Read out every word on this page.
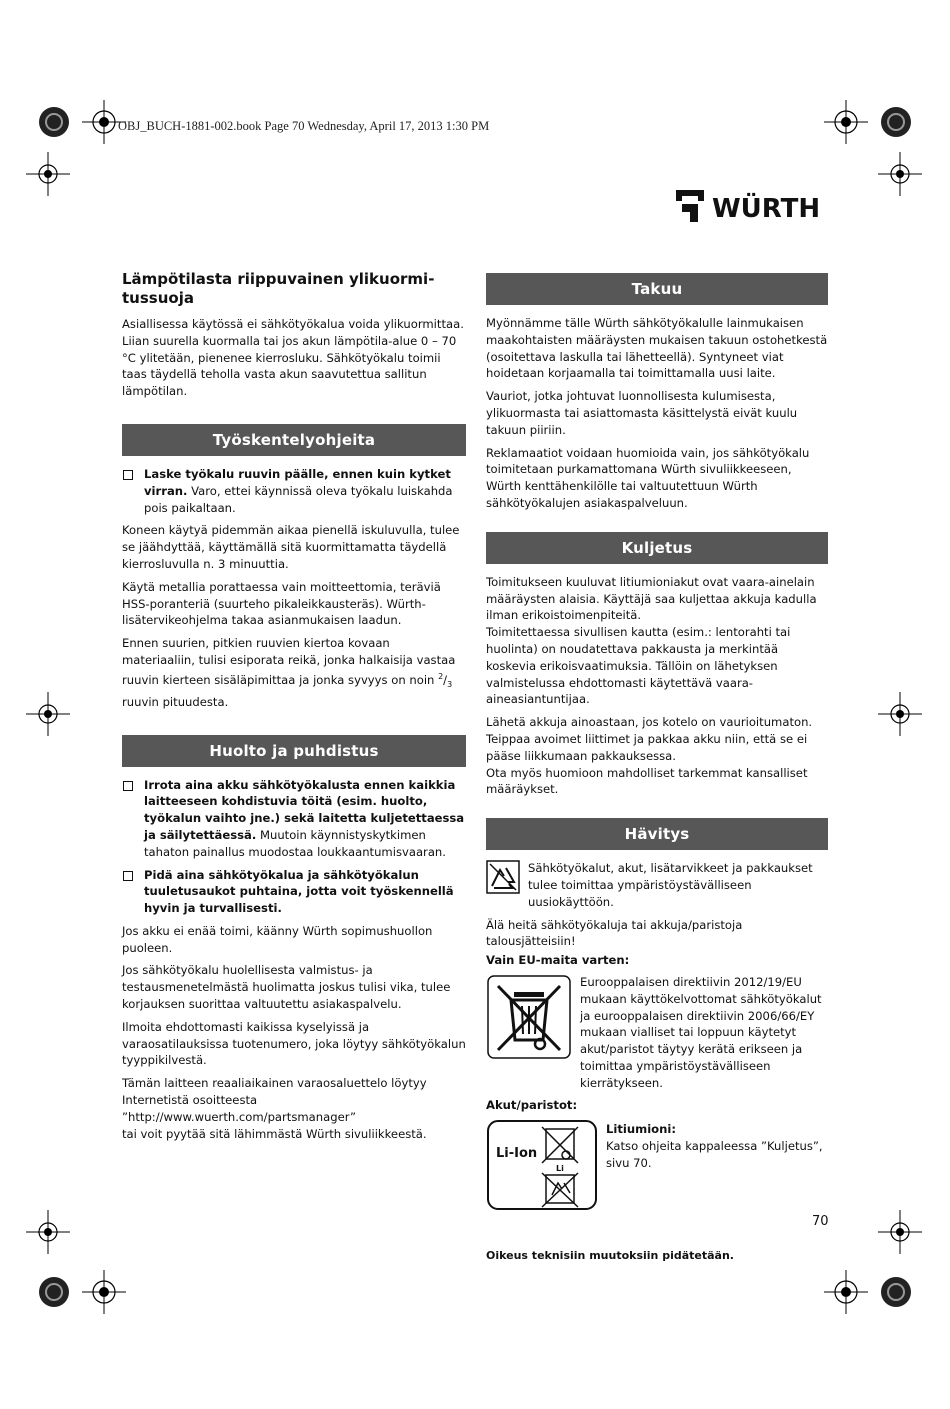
OBJ_BUCH-1881-002.book Page 70 Wednesday, April 17, 2013 1:30 PM
WÜRTH
Lämpötilasta riippuvainen ylikuormi-
tussuoja

Asiallisessa käytössä ei sähkötyökalua voida ylikuormittaa. Liian suurella kuormalla tai jos akun lämpötila-alue 0 – 70 °C ylitetään, pienenee kierrosluku. Sähkötyökalu toimii taas täydellä teholla vasta akun saavutettua sallitun lämpötilan.

Työskentelyohjeita
Laske työkalu ruuvin päälle, ennen kuin kytket virran. Varo, ettei käynnissä oleva työkalu luiskahda pois paikaltaan.

Koneen käytyä pidemmän aikaa pienellä iskuluvulla, tulee se jäähdyttää, käyttämällä sitä kuormittamatta täydellä kierrosluvulla n. 3 minuuttia.

Käytä metallia porattaessa vain moitteettomia, teräviä HSS-poranteriä (suurteho pikaleikkausteräs). Würth-lisätervikeohjelma takaa asianmukaisen laadun.

Ennen suurien, pitkien ruuvien kiertoa kovaan materiaaliin, tulisi esiporata reikä, jonka halkaisija vastaa ruuvin kierteen sisäläpimittaa ja jonka syvyys on noin $^2/_3$ ruuvin pituudesta.

Huolto ja puhdistus
Irrota aina akku sähkötyökalusta ennen kaikkia laitteeseen kohdistuvia töitä (esim. huolto, työkalun vaihto jne.) sekä laitetta kuljetettaessa ja säilytettäessä. Muutoin käynnistyskytkimen tahaton painallus muodostaa loukkaantumisvaaran.
Pidä aina sähkötyökalua ja sähkötyökalun tuuletusaukot puhtaina, jotta voit työskennellä hyvin ja turvallisesti.

Jos akku ei enää toimi, käänny Würth sopimushuollon puoleen.

Jos sähkötyökalu huolellisesta valmistus- ja testausmenetelmästä huolimatta joskus tulisi vika, tulee korjauksen suorittaa valtuutettu asiakaspalvelu.

Ilmoita ehdottomasti kaikissa kyselyissä ja varaosatilauksissa tuotenumero, joka löytyy sähkötyökalun tyyppikilvestä.

Tämän laitteen reaaliaikainen varaosaluettelo löytyy Internetistä osoitteesta
”http://www.wuerth.com/partsmanager”
tai voit pyytää sitä lähimmästä Würth sivuliikkeestä.

Takuu

Myönnämme tälle Würth sähkötyökalulle lainmukaisen maakohtaisten määräysten mukaisen takuun ostohetkestä (osoitettava laskulla tai lähetteellä). Syntyneet viat hoidetaan korjaamalla tai toimittamalla uusi laite.

Vauriot, jotka johtuvat luonnollisesta kulumisesta, ylikuormasta tai asiattomasta käsittelystä eivät kuulu takuun piiriin.

Reklamaatiot voidaan huomioida vain, jos sähkötyökalu toimitetaan purkamattomana Würth sivuliikkeeseen, Würth kenttähenkilölle tai valtuutettuun Würth sähkötyökalujen asiakaspalveluun.

Kuljetus

Toimitukseen kuuluvat litiumioniakut ovat vaara-ainelain määräysten alaisia. Käyttäjä saa kuljettaa akkuja kadulla ilman erikoistoimenpiteitä.

Toimitettaessa sivullisen kautta (esim.: lentorahti tai huolinta) on noudatettava pakkausta ja merkintää koskevia erikoisvaatimuksia. Tällöin on lähetyksen valmistelussa ehdottomasti käytettävä vaara-aineasiantuntijaa.

Lähetä akkuja ainoastaan, jos kotelo on vaurioitumaton. Teippaa avoimet liittimet ja pakkaa akku niin, että se ei pääse liikkumaan pakkauksessa.

Ota myös huomioon mahdolliset tarkemmat kansalliset määräykset.

Hävitys

Sähkötyökalut, akut, lisätarvikkeet ja pakkaukset tulee toimittaa ympäristöystävälliseen uusiokäyttöön.

Älä heitä sähkötyökaluja tai akkuja/paristoja talousjätteisiin!

Vain EU-maita varten:

Eurooppalaisen direktiivin 2012/19/EU mukaan käyttökelvottomat sähkötyökalut ja eurooppalaisen direktiivin 2006/66/EY mukaan vialliset tai loppuun käytetyt akut/paristot täytyy kerätä erikseen ja toimittaa ympäristöystävälliseen kierrätykseen.

Akut/paristot:
Li-Ion
Li
Litiumioni:

Katso ohjeita kappaleessa ”Kuljetus”, sivu 70.

Oikeus teknisiin muutoksiin pidätetään.
70
